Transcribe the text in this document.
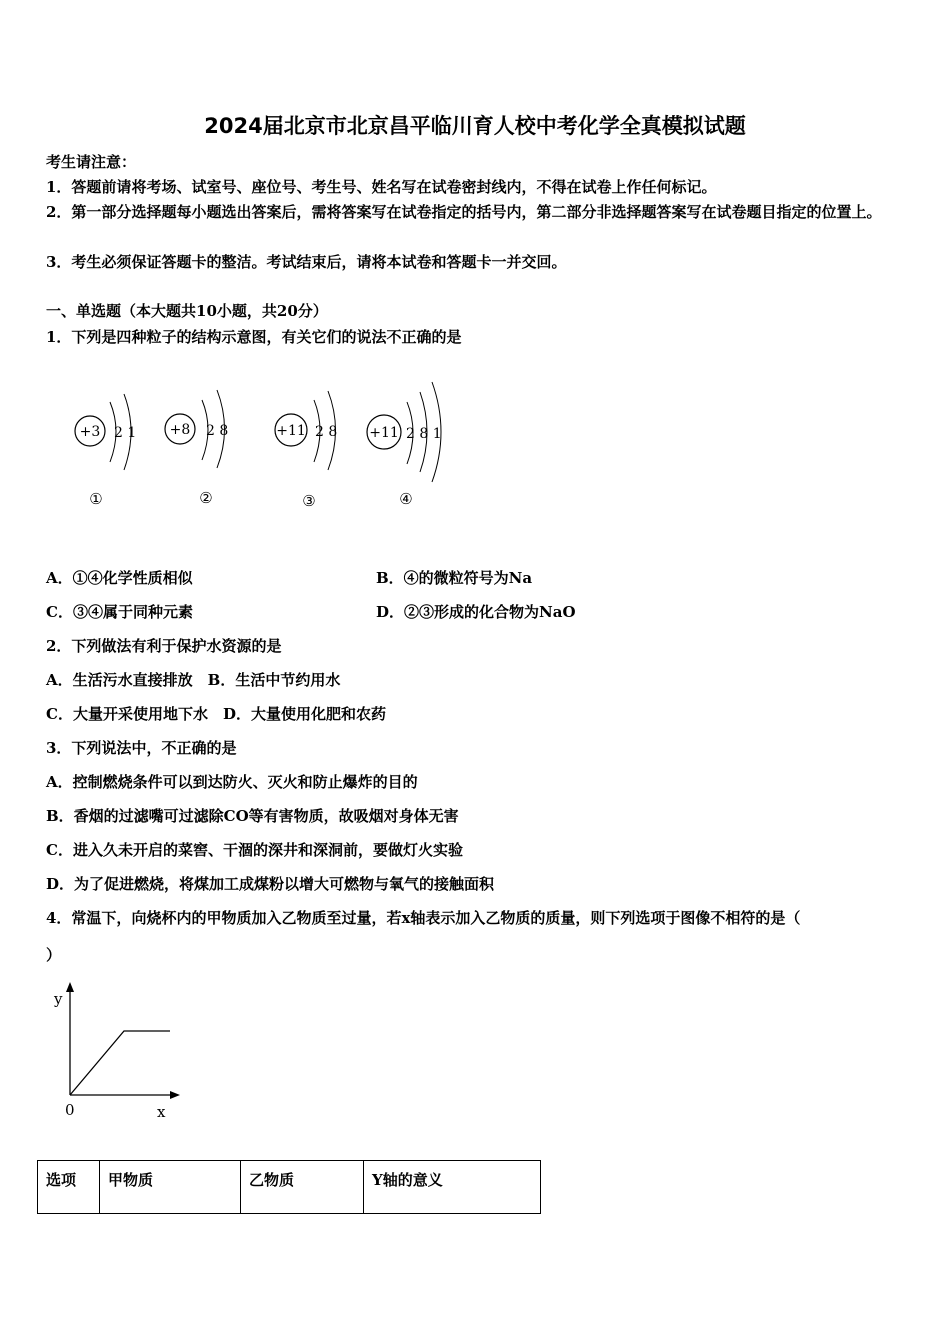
2024届北京市北京昌平临川育人校中考化学全真模拟试题
考生请注意：
1．答题前请将考场、试室号、座位号、考生号、姓名写在试卷密封线内，不得在试卷上作任何标记。
2．第一部分选择题每小题选出答案后，需将答案写在试卷指定的括号内，第二部分非选择题答案写在试卷题目指定的位置上。
3．考生必须保证答题卡的整洁。考试结束后，请将本试卷和答题卡一并交回。
一、单选题（本大题共10小题，共20分）
1．下列是四种粒子的结构示意图，有关它们的说法不正确的是
+3 2 1
①
+8 2 8
②
+11 2 8
③
+11 2 8 1
④
A．①④化学性质相似	B．④的微粒符号为Na
C．③④属于同种元素	D．②③形成的化合物为NaO
2．下列做法有利于保护水资源的是
A．生活污水直接排放　B．生活中节约用水
C．大量开采使用地下水　D．大量使用化肥和农药
3．下列说法中，不正确的是
A．控制燃烧条件可以到达防火、灭火和防止爆炸的目的
B．香烟的过滤嘴可过滤除CO等有害物质，故吸烟对身体无害
C．进入久未开启的菜窖、干涸的深井和深洞前，要做灯火实验
D．为了促进燃烧，将煤加工成煤粉以增大可燃物与氧气的接触面积
4．常温下，向烧杯内的甲物质加入乙物质至过量，若x轴表示加入乙物质的质量，则下列选项于图像不相符的是（
）
y
x
0
选项	甲物质	乙物质	Y轴的意义
